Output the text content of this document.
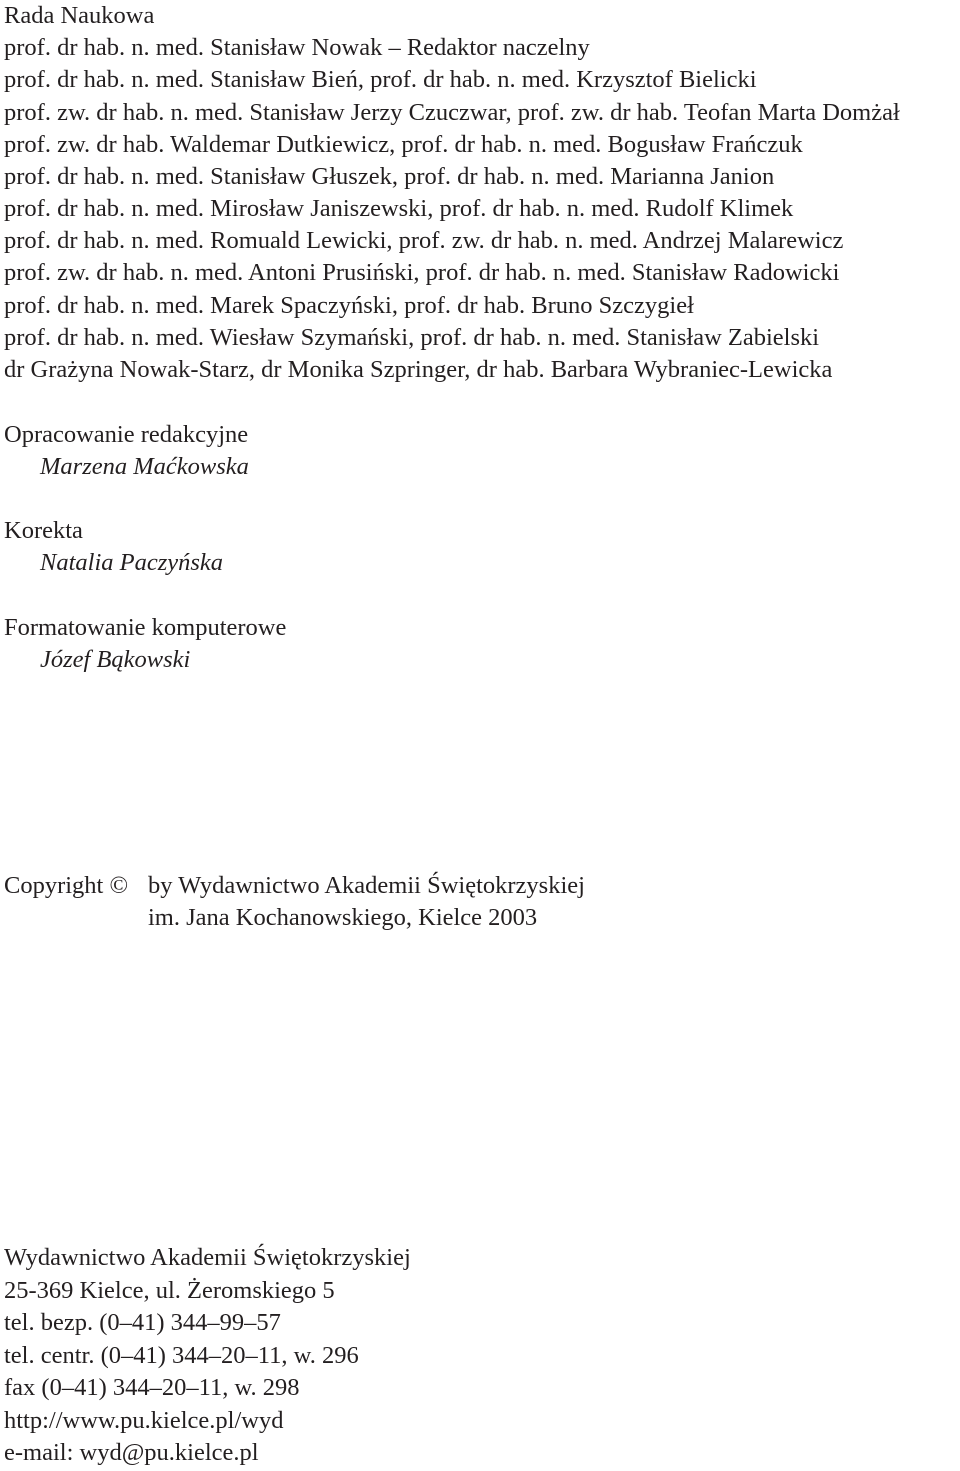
Rada Naukowa
prof. dr hab. n. med. Stanisław Nowak – Redaktor naczelny
prof. dr hab. n. med. Stanisław Bień, prof. dr hab. n. med. Krzysztof Bielicki
prof. zw. dr hab. n. med. Stanisław Jerzy Czuczwar, prof. zw. dr hab. Teofan Marta Domżał
prof. zw. dr hab. Waldemar Dutkiewicz, prof. dr hab. n. med. Bogusław Frańczuk
prof. dr hab. n. med. Stanisław Głuszek, prof. dr hab. n. med. Marianna Janion
prof. dr hab. n. med. Mirosław Janiszewski, prof. dr hab. n. med. Rudolf Klimek
prof. dr hab. n. med. Romuald Lewicki, prof. zw. dr hab. n. med. Andrzej Malarewicz
prof. zw. dr hab. n. med. Antoni Prusiński, prof. dr hab. n. med. Stanisław Radowicki
prof. dr hab. n. med. Marek Spaczyński, prof. dr hab. Bruno Szczygieł
prof. dr hab. n. med. Wiesław Szymański, prof. dr hab. n. med. Stanisław Zabielski
dr Grażyna Nowak-Starz, dr Monika Szpringer, dr hab. Barbara Wybraniec-Lewicka
Opracowanie redakcyjne
Marzena Maćkowska
Korekta
Natalia Paczyńska
Formatowanie komputerowe
Józef Bąkowski
Copyright © by Wydawnictwo Akademii Świętokrzyskiej
im. Jana Kochanowskiego, Kielce 2003
Wydawnictwo Akademii Świętokrzyskiej
25-369 Kielce, ul. Żeromskiego 5
tel. bezp. (0–41) 344–99–57
tel. centr. (0–41) 344–20–11, w. 296
fax (0–41) 344–20–11, w. 298
http://www.pu.kielce.pl/wyd
e-mail: wyd@pu.kielce.pl
